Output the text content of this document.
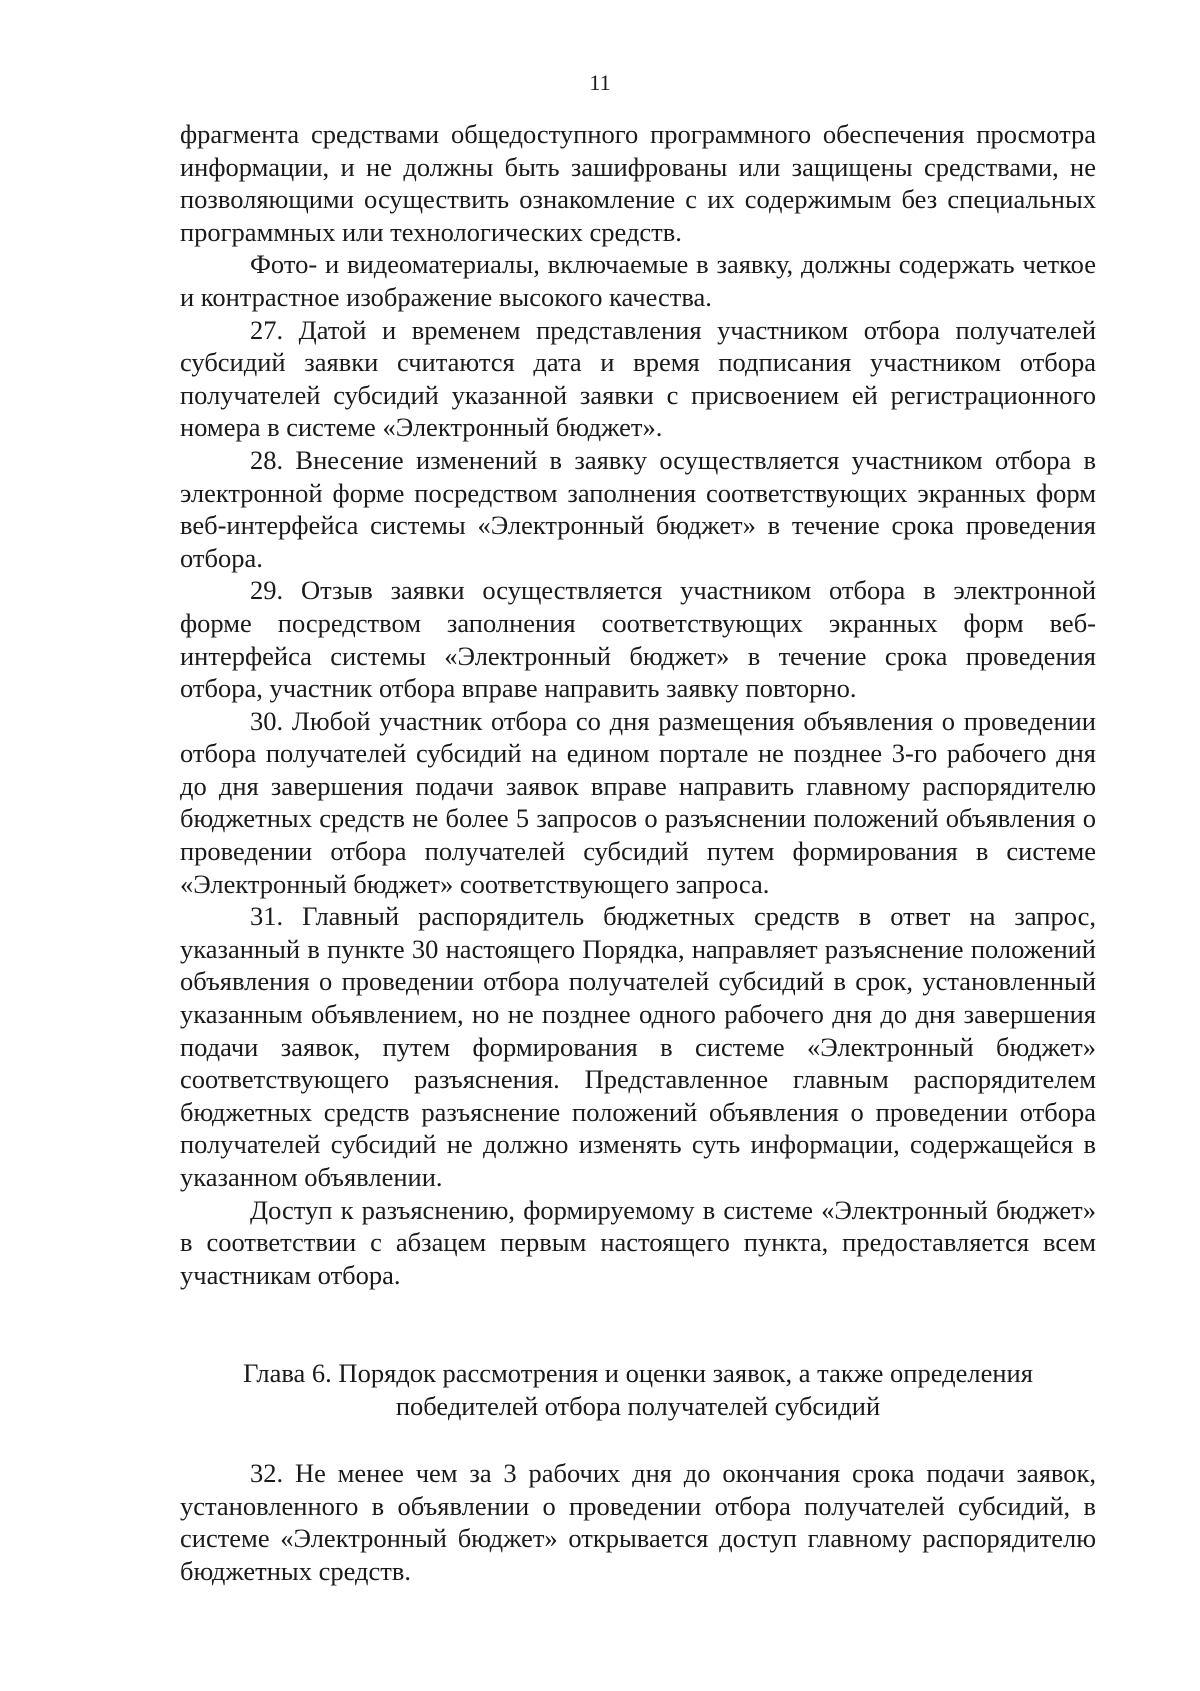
11

фрагмента средствами общедоступного программного обеспечения просмотра информации, и не должны быть зашифрованы или защищены средствами, не позволяющими осуществить ознакомление с их содержимым без специальных программных или технологических средств.

Фото- и видеоматериалы, включаемые в заявку, должны содержать четкое и контрастное изображение высокого качества.

27. Датой и временем представления участником отбора получателей субсидий заявки считаются дата и время подписания участником отбора получателей субсидий указанной заявки с присвоением ей регистрационного номера в системе «Электронный бюджет».

28. Внесение изменений в заявку осуществляется участником отбора в электронной форме посредством заполнения соответствующих экранных форм веб-интерфейса системы «Электронный бюджет» в течение срока проведения отбора.

29. Отзыв заявки осуществляется участником отбора в электронной форме посредством заполнения соответствующих экранных форм веб-интерфейса системы «Электронный бюджет» в течение срока проведения отбора, участник отбора вправе направить заявку повторно.

30. Любой участник отбора со дня размещения объявления о проведении отбора получателей субсидий на едином портале не позднее 3-го рабочего дня до дня завершения подачи заявок вправе направить главному распорядителю бюджетных средств не более 5 запросов о разъяснении положений объявления о проведении отбора получателей субсидий путем формирования в системе «Электронный бюджет» соответствующего запроса.

31. Главный распорядитель бюджетных средств в ответ на запрос, указанный в пункте 30 настоящего Порядка, направляет разъяснение положений объявления о проведении отбора получателей субсидий в срок, установленный указанным объявлением, но не позднее одного рабочего дня до дня завершения подачи заявок, путем формирования в системе «Электронный бюджет» соответствующего разъяснения. Представленное главным распорядителем бюджетных средств разъяснение положений объявления о проведении отбора получателей субсидий не должно изменять суть информации, содержащейся в указанном объявлении.

Доступ к разъяснению, формируемому в системе «Электронный бюджет» в соответствии с абзацем первым настоящего пункта, предоставляется всем участникам отбора.

Глава 6. Порядок рассмотрения и оценки заявок, а также определения
победителей отбора получателей субсидий

32. Не менее чем за 3 рабочих дня до окончания срока подачи заявок, установленного в объявлении о проведении отбора получателей субсидий, в системе «Электронный бюджет» открывается доступ главному распорядителю бюджетных средств.
